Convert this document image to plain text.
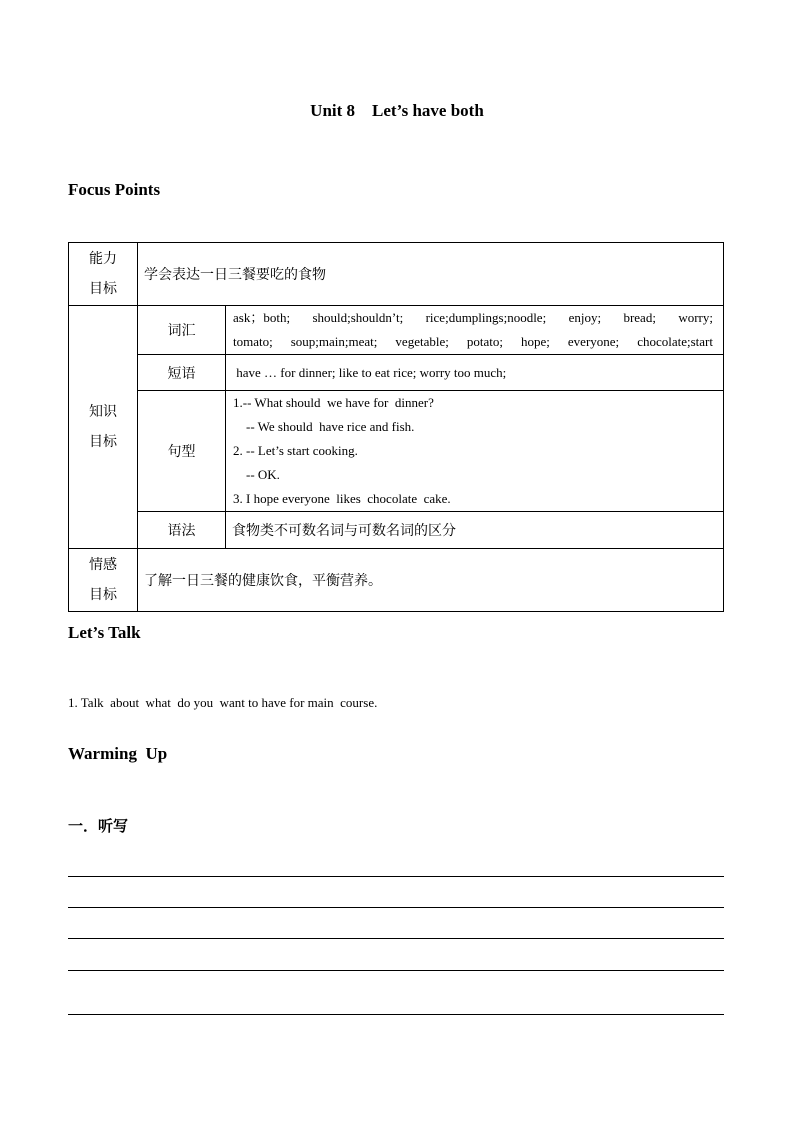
Unit 8    Let’s have both
Focus Points
能力
目标	学会表达一日三餐要吃的食物	

知识
目标	词汇	ask；both; should;shouldn’t; rice;dumplings;noodle; enjoy; bread; worry;
tomato; soup;main;meat; vegetable; potato; hope; everyone; chocolate;start

	短语	have … for dinner; like to eat rice; worry too much;
	句型	1.-- What should  we have for  dinner?
-- We should  have rice and fish.
2. -- Let’s start cooking.
-- OK.
3. I hope everyone  likes  chocolate  cake.

	语法	食物类不可数名词与可数名词的区分

情感
目标	了解一日三餐的健康饮食，平衡营养。	
Let’s Talk
1. Talk  about  what  do you  want to have for main  course.
Warming  Up
一．听写
